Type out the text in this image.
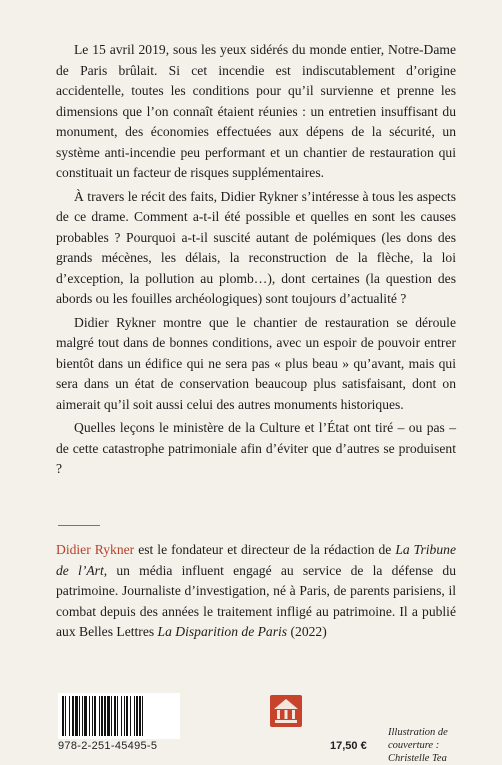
Le 15 avril 2019, sous les yeux sidérés du monde entier, Notre-Dame de Paris brûlait. Si cet incendie est indiscutablement d’origine accidentelle, toutes les conditions pour qu’il survienne et prenne les dimensions que l’on connaît étaient réunies : un entretien insuffisant du monument, des économies effectuées aux dépens de la sécurité, un système anti-incendie peu performant et un chantier de restauration qui constituait un facteur de risques supplémentaires.

À travers le récit des faits, Didier Rykner s’intéresse à tous les aspects de ce drame. Comment a-t-il été possible et quelles en sont les causes probables ? Pourquoi a-t-il suscité autant de polémiques (les dons des grands mécènes, les délais, la reconstruction de la flèche, la loi d’exception, la pollution au plomb…), dont certaines (la question des abords ou les fouilles archéologiques) sont toujours d’actualité ?

Didier Rykner montre que le chantier de restauration se déroule malgré tout dans de bonnes conditions, avec un espoir de pouvoir entrer bientôt dans un édifice qui ne sera pas « plus beau » qu’avant, mais qui sera dans un état de conservation beaucoup plus satisfaisant, dont on aimerait qu’il soit aussi celui des autres monuments historiques.

Quelles leçons le ministère de la Culture et l’État ont tiré – ou pas – de cette catastrophe patrimoniale afin d’éviter que d’autres se produisent ?

Didier Rykner est le fondateur et directeur de la rédaction de La Tribune de l’Art, un média influent engagé au service de la défense du patrimoine. Journaliste d’investigation, né à Paris, de parents parisiens, il combat depuis des années le traitement infligé au patrimoine. Il a publié aux Belles Lettres La Disparition de Paris (2022)
978-2-251-45495-5	17,50 €
Illustration de couverture :
Christelle Tea
